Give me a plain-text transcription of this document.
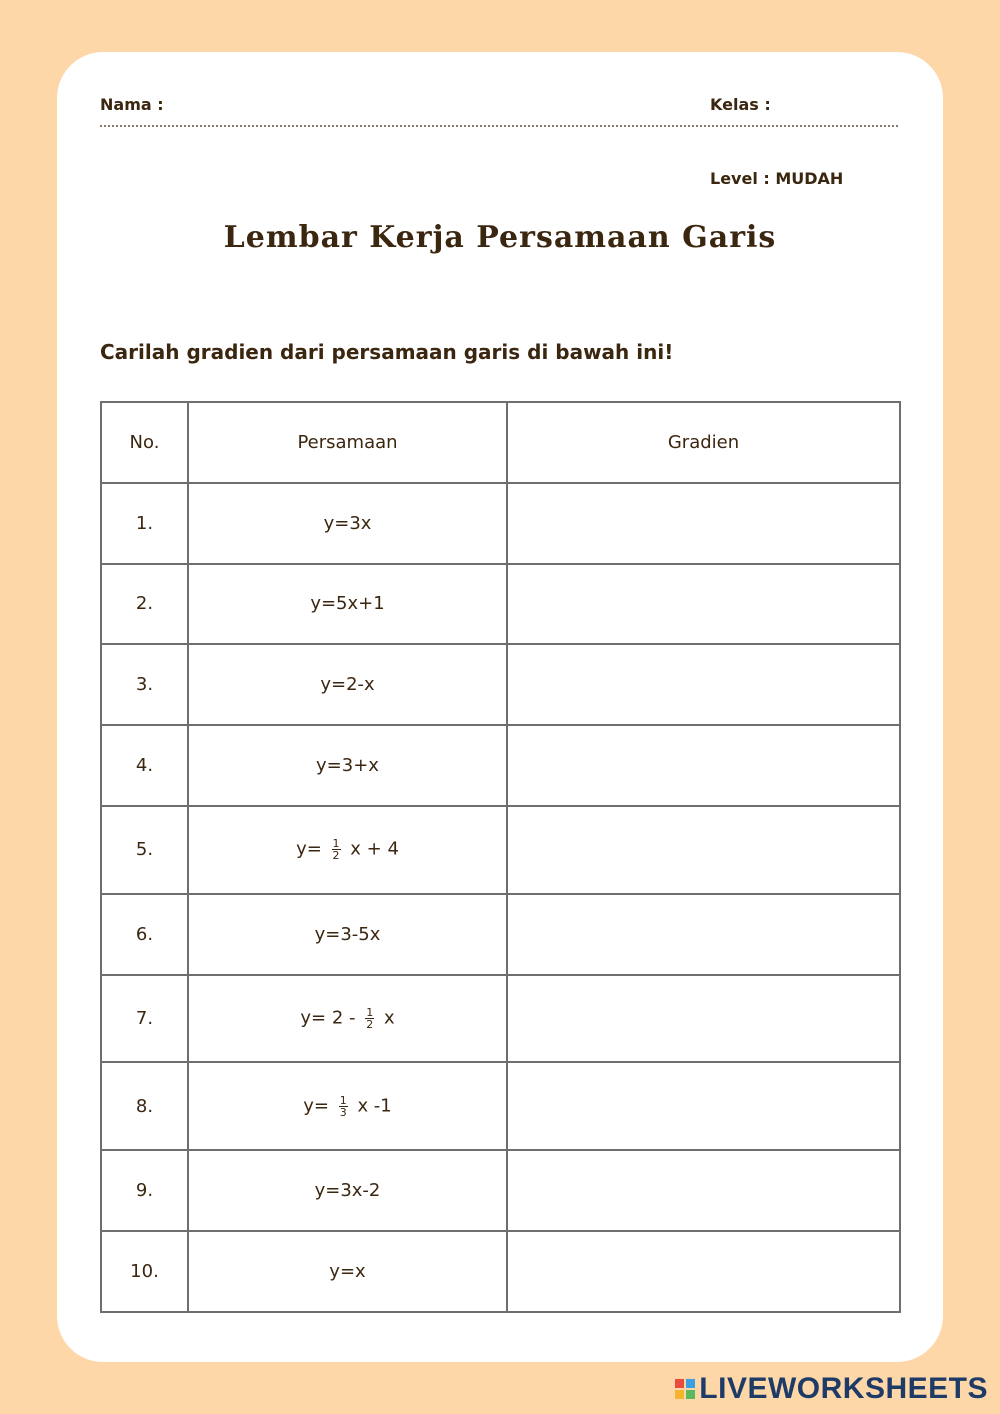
Nama :	Kelas :
Level : MUDAH
Lembar Kerja Persamaan Garis
Carilah gradien dari persamaan garis di bawah ini!
No.	Persamaan	Gradien
1.	y=3x	
2.	y=5x+1	
3.	y=2-x	
4.	y=3+x	
5.	$y= \frac{1}{2}$ x + 4	
6.	y=3-5x	
7.	$y= 2 - \frac{1}{2}$ x	
8.	$y= \frac{1}{3}$ x -1	
9.	y=3x-2	
10.	y=x	
LIVEWORKSHEETS
